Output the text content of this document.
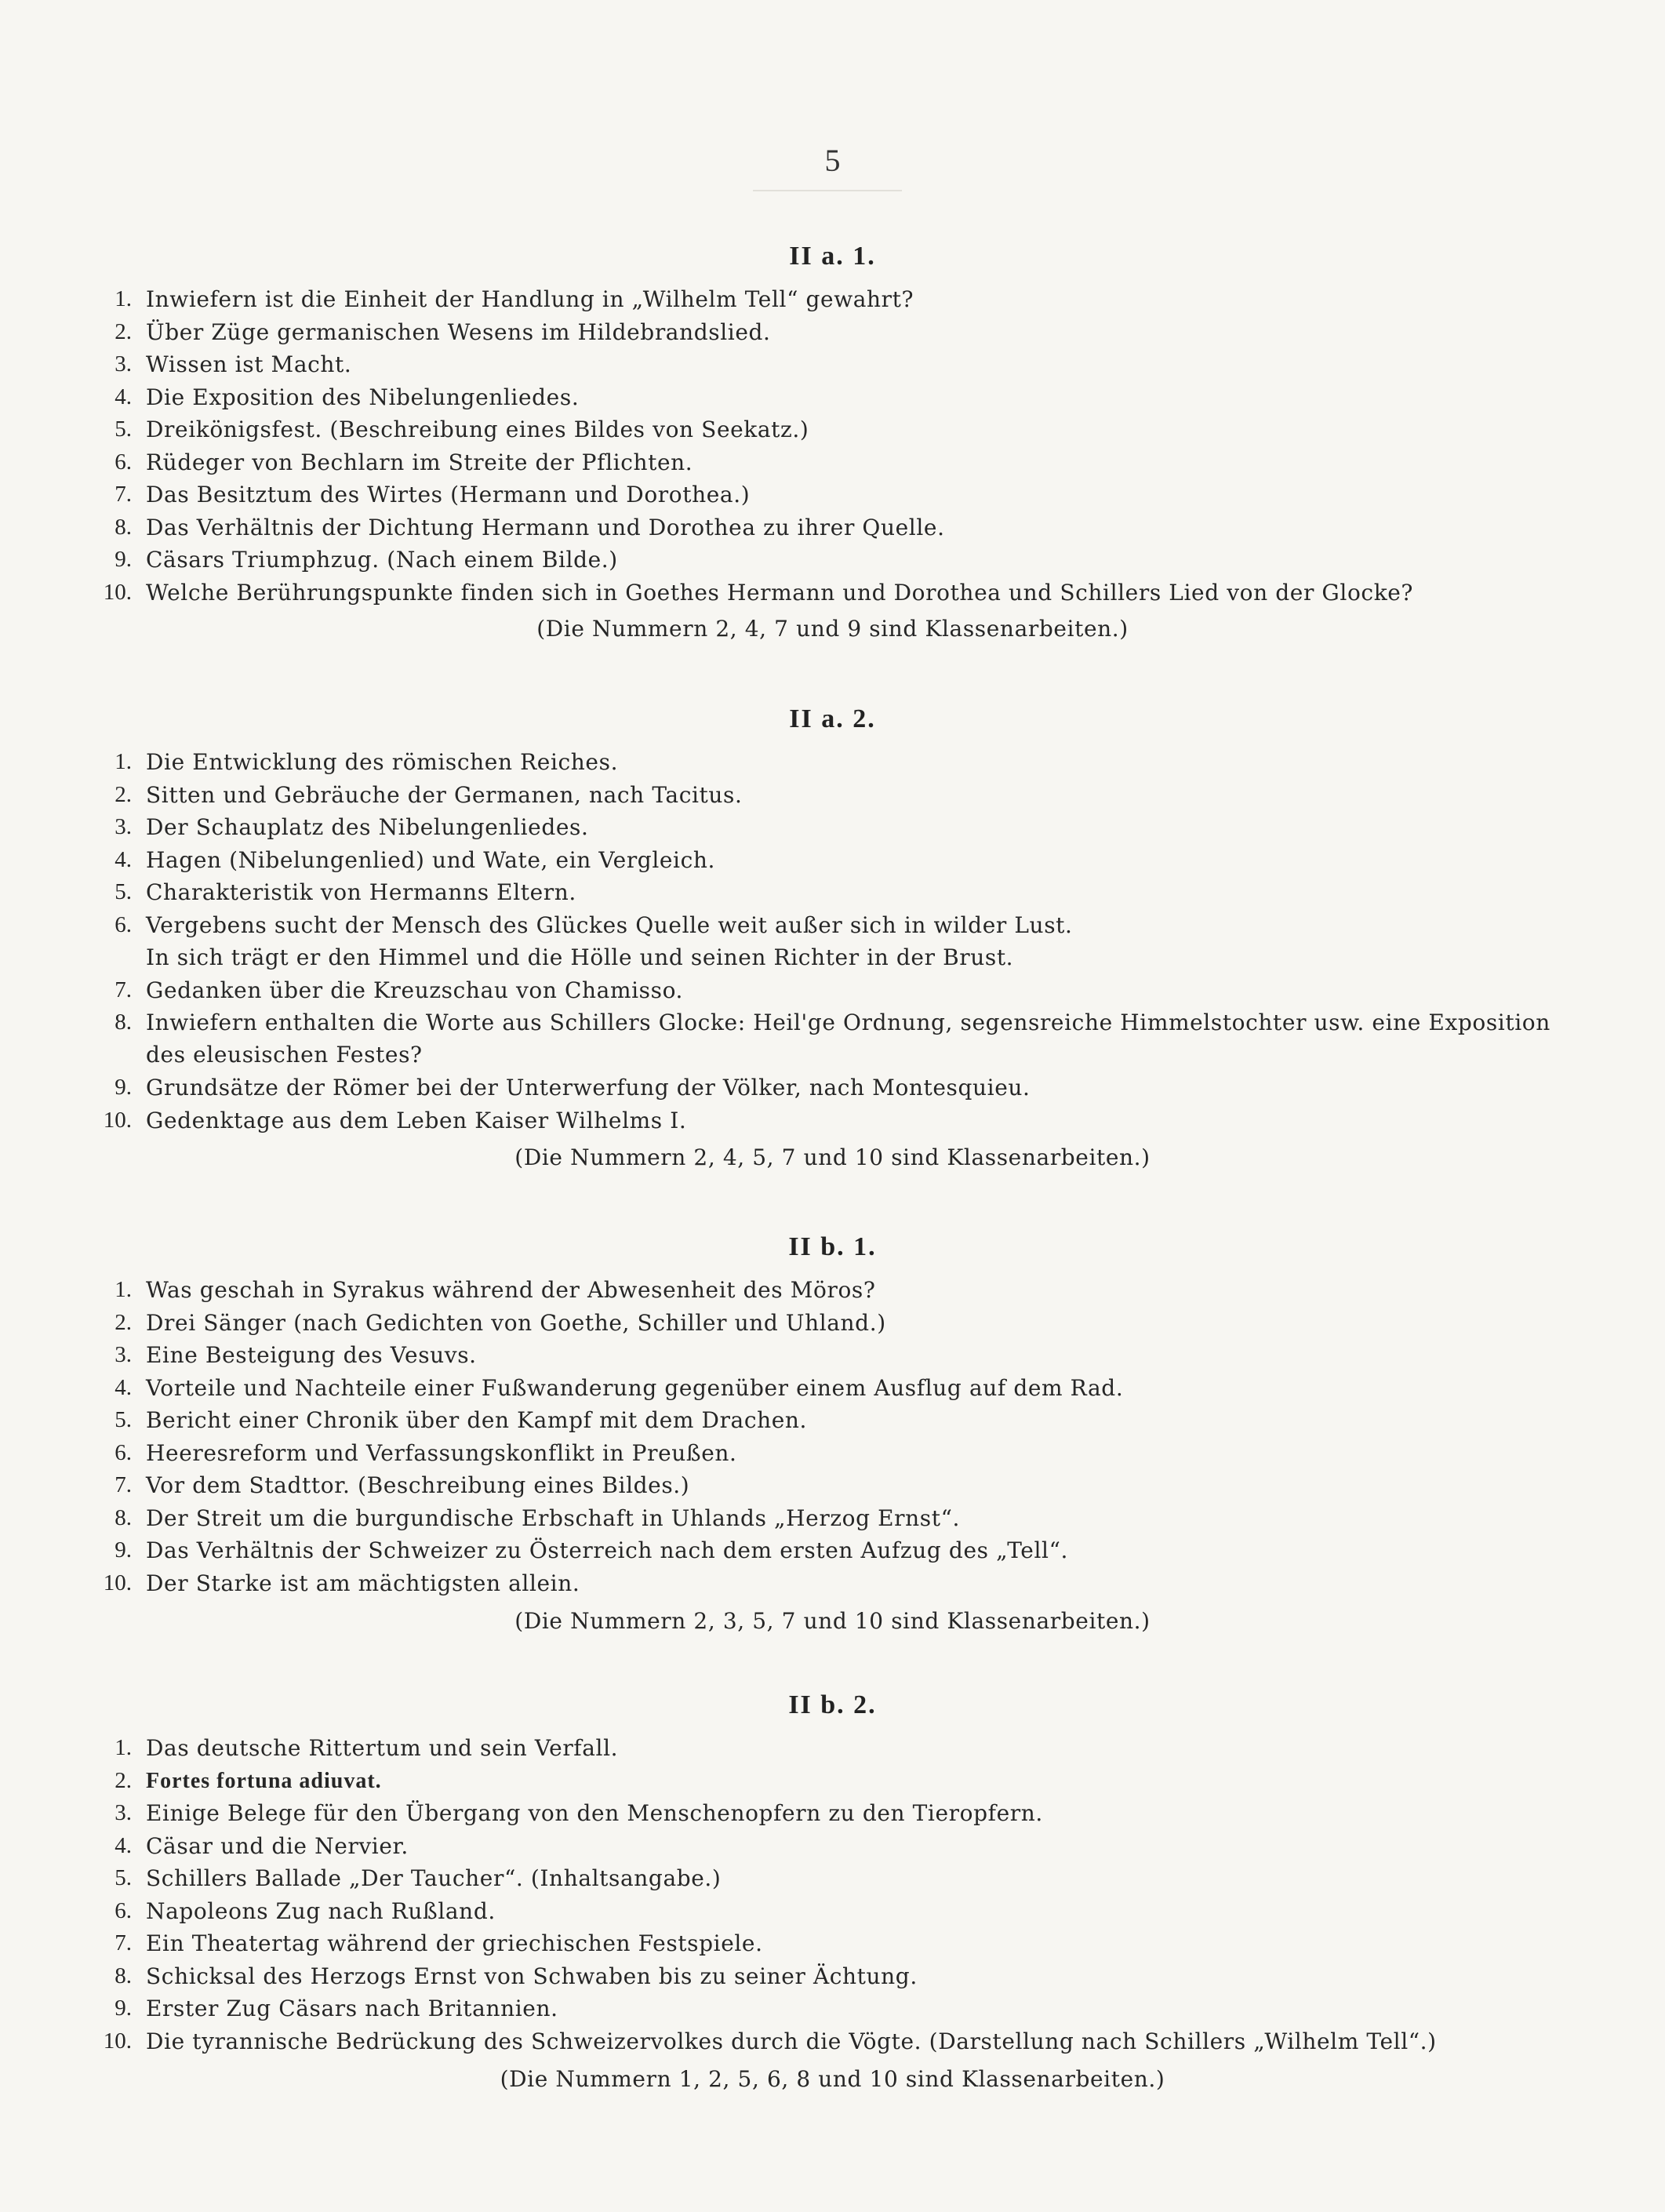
5
II a. 1.
1. Inwiefern ist die Einheit der Handlung in „Wilhelm Tell“ gewahrt?
2. Über Züge germanischen Wesens im Hildebrandslied.
3. Wissen ist Macht.
4. Die Exposition des Nibelungenliedes.
5. Dreikönigsfest. (Beschreibung eines Bildes von Seekatz.)
6. Rüdeger von Bechlarn im Streite der Pflichten.
7. Das Besitztum des Wirtes (Hermann und Dorothea.)
8. Das Verhältnis der Dichtung Hermann und Dorothea zu ihrer Quelle.
9. Cäsars Triumphzug. (Nach einem Bilde.)
10. Welche Berührungspunkte finden sich in Goethes Hermann und Dorothea und Schillers Lied von der Glocke?
(Die Nummern 2, 4, 7 und 9 sind Klassenarbeiten.)
II a. 2.
1. Die Entwicklung des römischen Reiches.
2. Sitten und Gebräuche der Germanen, nach Tacitus.
3. Der Schauplatz des Nibelungenliedes.
4. Hagen (Nibelungenlied) und Wate, ein Vergleich.
5. Charakteristik von Hermanns Eltern.
6. Vergebens sucht der Mensch des Glückes Quelle weit außer sich in wilder Lust.
In sich trägt er den Himmel und die Hölle und seinen Richter in der Brust.
7. Gedanken über die Kreuzschau von Chamisso.
8. Inwiefern enthalten die Worte aus Schillers Glocke: Heil'ge Ordnung, segensreiche Himmelstochter usw. eine Exposition
des eleusischen Festes?
9. Grundsätze der Römer bei der Unterwerfung der Völker, nach Montesquieu.
10. Gedenktage aus dem Leben Kaiser Wilhelms I.
(Die Nummern 2, 4, 5, 7 und 10 sind Klassenarbeiten.)
II b. 1.
1. Was geschah in Syrakus während der Abwesenheit des Möros?
2. Drei Sänger (nach Gedichten von Goethe, Schiller und Uhland.)
3. Eine Besteigung des Vesuvs.
4. Vorteile und Nachteile einer Fußwanderung gegenüber einem Ausflug auf dem Rad.
5. Bericht einer Chronik über den Kampf mit dem Drachen.
6. Heeresreform und Verfassungskonflikt in Preußen.
7. Vor dem Stadttor. (Beschreibung eines Bildes.)
8. Der Streit um die burgundische Erbschaft in Uhlands „Herzog Ernst“.
9. Das Verhältnis der Schweizer zu Österreich nach dem ersten Aufzug des „Tell“.
10. Der Starke ist am mächtigsten allein.
(Die Nummern 2, 3, 5, 7 und 10 sind Klassenarbeiten.)
II b. 2.
1. Das deutsche Rittertum und sein Verfall.
2. Fortes fortuna adiuvat.
3. Einige Belege für den Übergang von den Menschenopfern zu den Tieropfern.
4. Cäsar und die Nervier.
5. Schillers Ballade „Der Taucher“. (Inhaltsangabe.)
6. Napoleons Zug nach Rußland.
7. Ein Theatertag während der griechischen Festspiele.
8. Schicksal des Herzogs Ernst von Schwaben bis zu seiner Ächtung.
9. Erster Zug Cäsars nach Britannien.
10. Die tyrannische Bedrückung des Schweizervolkes durch die Vögte. (Darstellung nach Schillers „Wilhelm Tell“.)
(Die Nummern 1, 2, 5, 6, 8 und 10 sind Klassenarbeiten.)
